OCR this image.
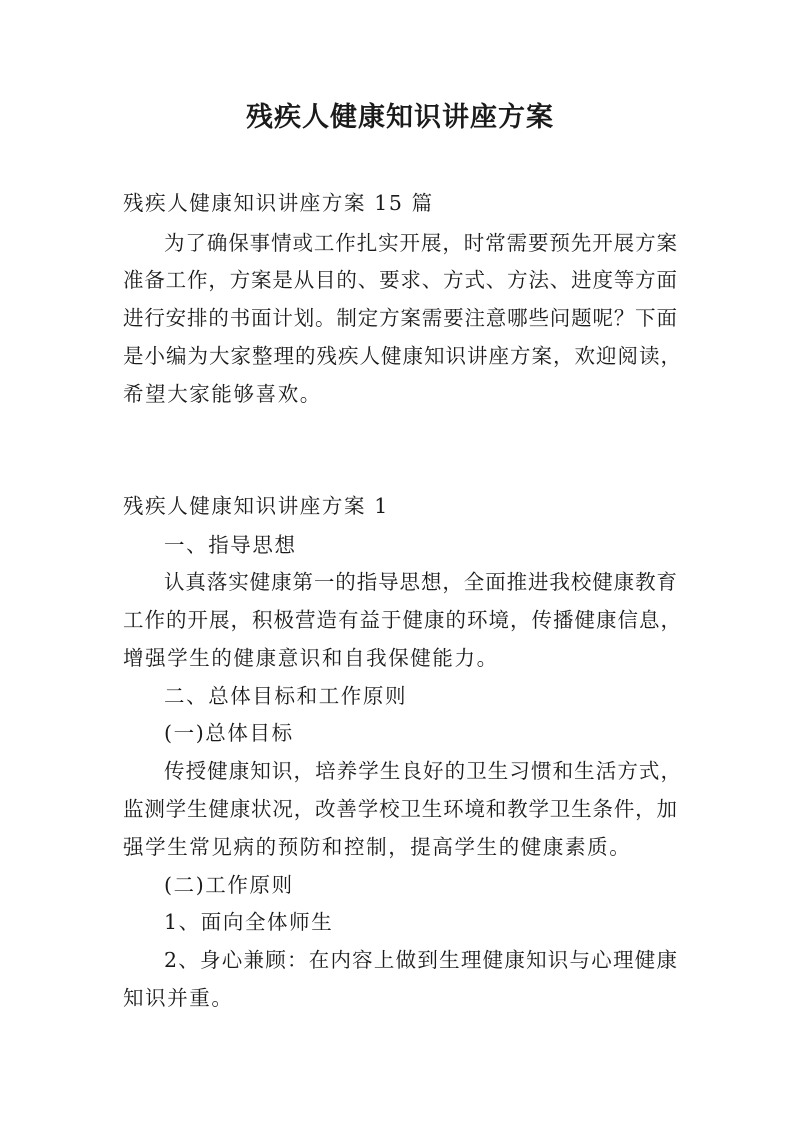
残疾人健康知识讲座方案

残疾人健康知识讲座方案 15 篇

为了确保事情或工作扎实开展，时常需要预先开展方案

准备工作，方案是从目的、要求、方式、方法、进度等方面

进行安排的书面计划。制定方案需要注意哪些问题呢？下面

是小编为大家整理的残疾人健康知识讲座方案，欢迎阅读，

希望大家能够喜欢。

残疾人健康知识讲座方案 1

一、指导思想

认真落实健康第一的指导思想，全面推进我校健康教育

工作的开展，积极营造有益于健康的环境，传播健康信息，

增强学生的健康意识和自我保健能力。

二、总体目标和工作原则

(一)总体目标

传授健康知识，培养学生良好的卫生习惯和生活方式，

监测学生健康状况，改善学校卫生环境和教学卫生条件，加

强学生常见病的预防和控制，提高学生的健康素质。

(二)工作原则

1、面向全体师生

2、身心兼顾：在内容上做到生理健康知识与心理健康

知识并重。
